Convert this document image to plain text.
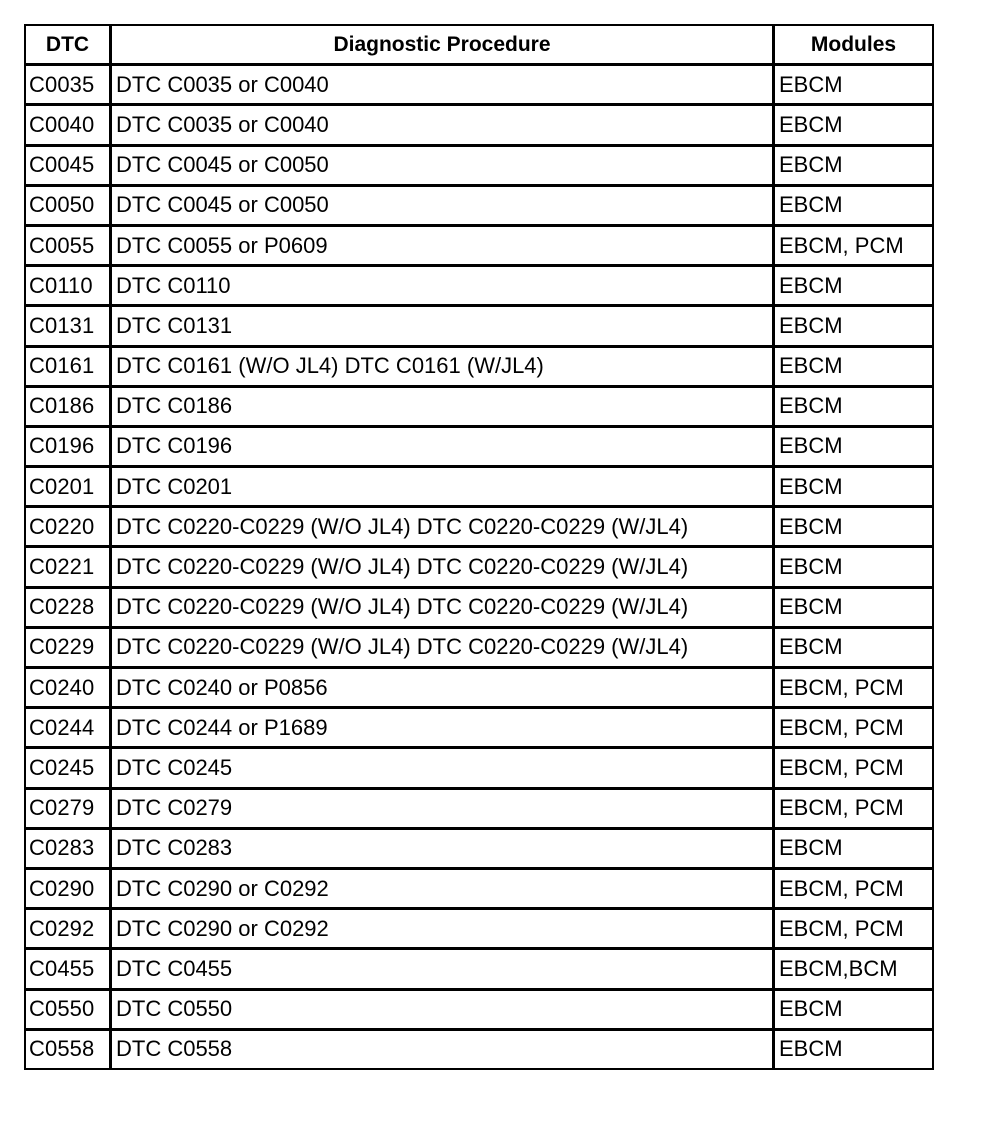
DTC	Diagnostic Procedure	Modules
C0035	DTC C0035 or C0040	EBCM
C0040	DTC C0035 or C0040	EBCM
C0045	DTC C0045 or C0050	EBCM
C0050	DTC C0045 or C0050	EBCM
C0055	DTC C0055 or P0609	EBCM, PCM
C0110	DTC C0110	EBCM
C0131	DTC C0131	EBCM
C0161	DTC C0161 (W/O JL4) DTC C0161 (W/JL4)	EBCM
C0186	DTC C0186	EBCM
C0196	DTC C0196	EBCM
C0201	DTC C0201	EBCM
C0220	DTC C0220-C0229 (W/O JL4) DTC C0220-C0229 (W/JL4)	EBCM
C0221	DTC C0220-C0229 (W/O JL4) DTC C0220-C0229 (W/JL4)	EBCM
C0228	DTC C0220-C0229 (W/O JL4) DTC C0220-C0229 (W/JL4)	EBCM
C0229	DTC C0220-C0229 (W/O JL4) DTC C0220-C0229 (W/JL4)	EBCM
C0240	DTC C0240 or P0856	EBCM, PCM
C0244	DTC C0244 or P1689	EBCM, PCM
C0245	DTC C0245	EBCM, PCM
C0279	DTC C0279	EBCM, PCM
C0283	DTC C0283	EBCM
C0290	DTC C0290 or C0292	EBCM, PCM
C0292	DTC C0290 or C0292	EBCM, PCM
C0455	DTC C0455	EBCM,BCM
C0550	DTC C0550	EBCM
C0558	DTC C0558	EBCM
